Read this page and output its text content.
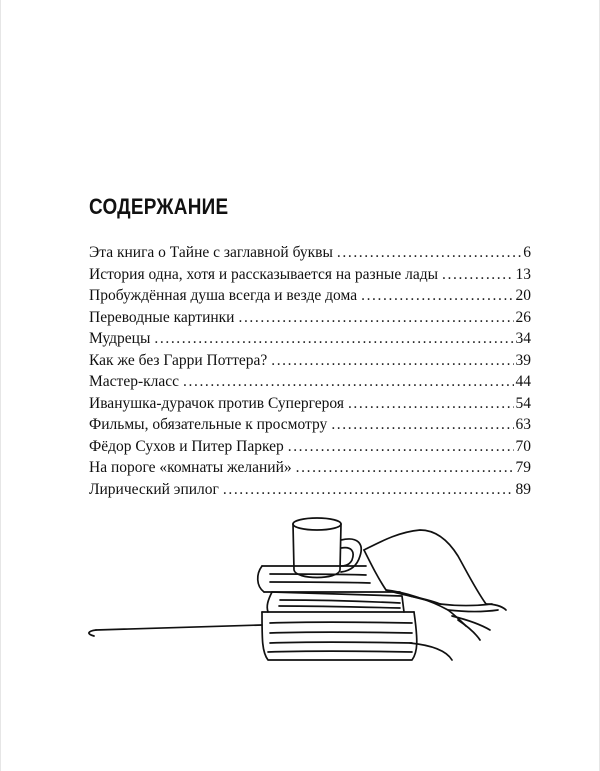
СОДЕРЖАНИЕ
Эта книга о Тайне с заглавной буквы .....	6
История одна, хотя и рассказывается на разные лады .....	13
Пробуждённая душа всегда и везде дома .....	20
Переводные картинки .....	26
Мудрецы .....	34
Как же без Гарри Поттера? .....	39
Мастер-класс .....	44
Иванушка-дурачок против Супергероя .....	54
Фильмы, обязательные к просмотру .....	63
Фёдор Сухов и Питер Паркер .....	70
На пороге «комнаты желаний» .....	79
Лирический эпилог .....	89
